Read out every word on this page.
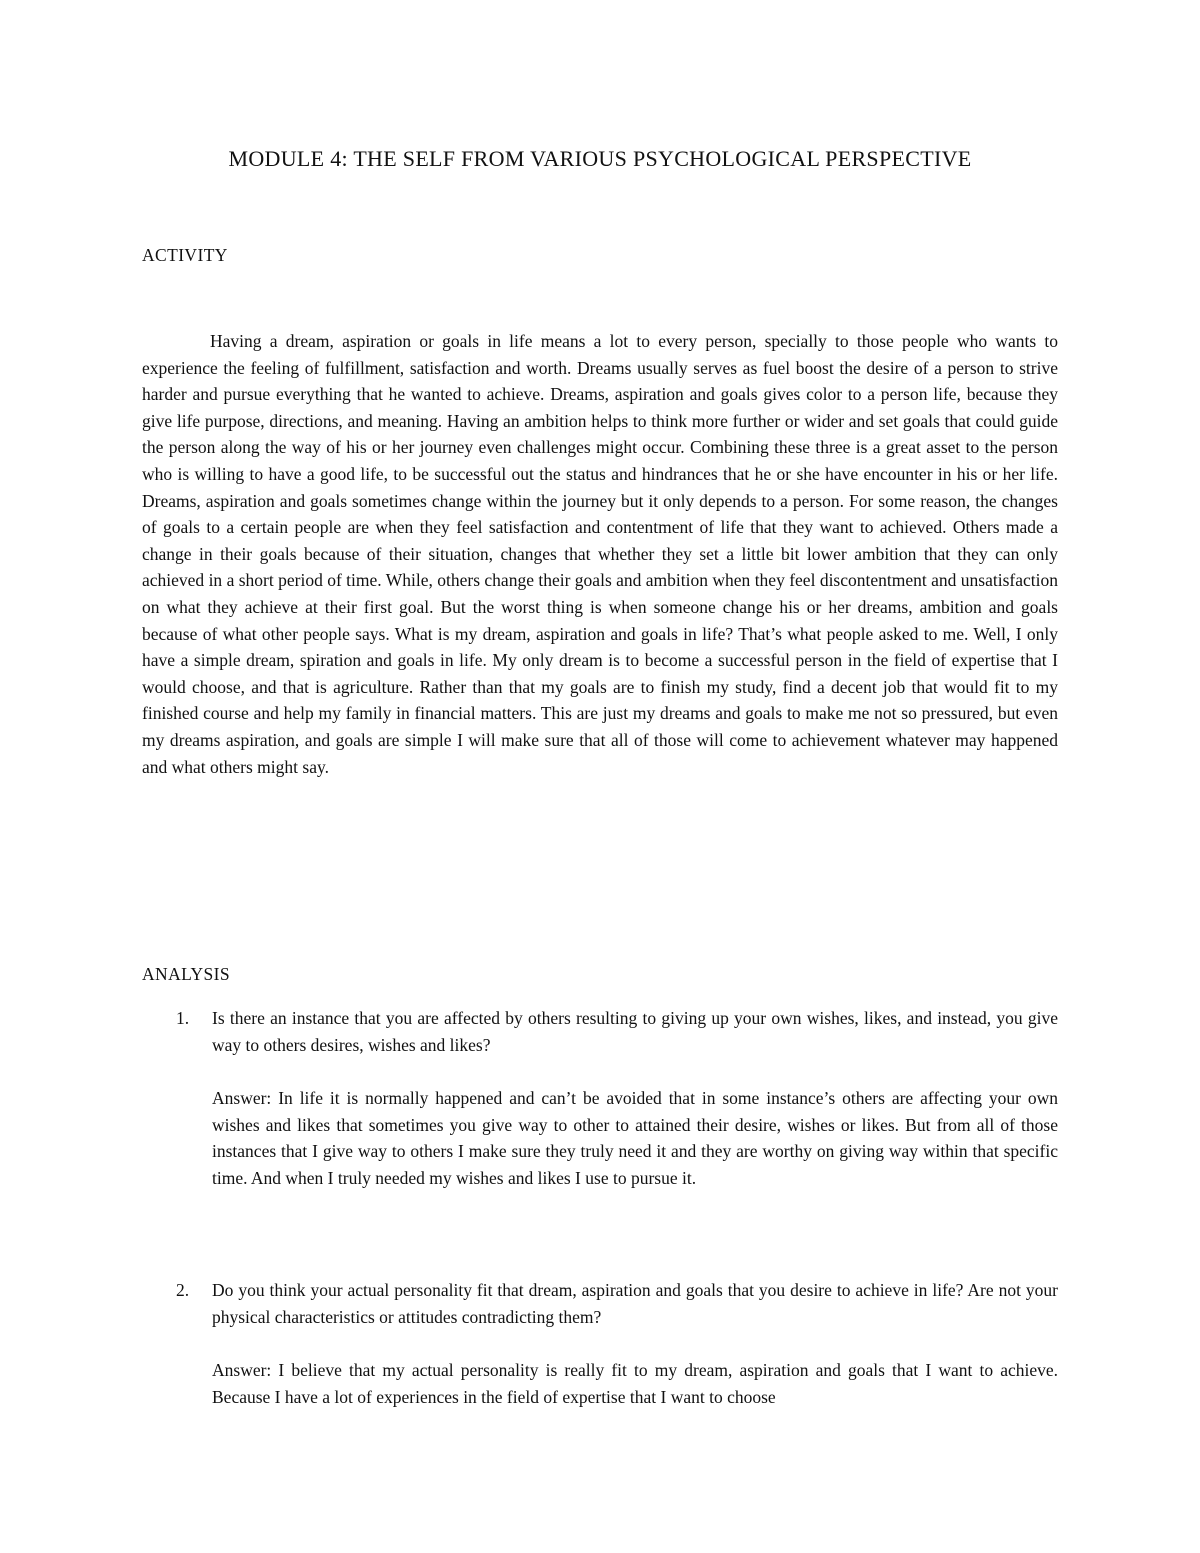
MODULE 4: THE SELF FROM VARIOUS PSYCHOLOGICAL PERSPECTIVE
ACTIVITY

Having a dream, aspiration or goals in life means a lot to every person, specially to those people who wants to experience the feeling of fulfillment, satisfaction and worth. Dreams usually serves as fuel boost the desire of a person to strive harder and pursue everything that he wanted to achieve. Dreams, aspiration and goals gives color to a person life, because they give life purpose, directions, and meaning. Having an ambition helps to think more further or wider and set goals that could guide the person along the way of his or her journey even challenges might occur. Combining these three is a great asset to the person who is willing to have a good life, to be successful out the status and hindrances that he or she have encounter in his or her life. Dreams, aspiration and goals sometimes change within the journey but it only depends to a person. For some reason, the changes of goals to a certain people are when they feel satisfaction and contentment of life that they want to achieved. Others made a change in their goals because of their situation, changes that whether they set a little bit lower ambition that they can only achieved in a short period of time. While, others change their goals and ambition when they feel discontentment and unsatisfaction on what they achieve at their first goal. But the worst thing is when someone change his or her dreams, ambition and goals because of what other people says. What is my dream, aspiration and goals in life? That’s what people asked to me. Well, I only have a simple dream, spiration and goals in life. My only dream is to become a successful person in the field of expertise that I would choose, and that is agriculture. Rather than that my goals are to finish my study, find a decent job that would fit to my finished course and help my family in financial matters. This are just my dreams and goals to make me not so pressured, but even my dreams aspiration, and goals are simple I will make sure that all of those will come to achievement whatever may happened and what others might say.

ANALYSIS
1. Is there an instance that you are affected by others resulting to giving up your own wishes, likes, and instead, you give way to others desires, wishes and likes?

Answer: In life it is normally happened and can’t be avoided that in some instance’s others are affecting your own wishes and likes that sometimes you give way to other to attained their desire, wishes or likes. But from all of those instances that I give way to others I make sure they truly need it and they are worthy on giving way within that specific time. And when I truly needed my wishes and likes I use to pursue it.

2. Do you think your actual personality fit that dream, aspiration and goals that you desire to achieve in life? Are not your physical characteristics or attitudes contradicting them?

Answer: I believe that my actual personality is really fit to my dream, aspiration and goals that I want to achieve. Because I have a lot of experiences in the field of expertise that I want to choose
